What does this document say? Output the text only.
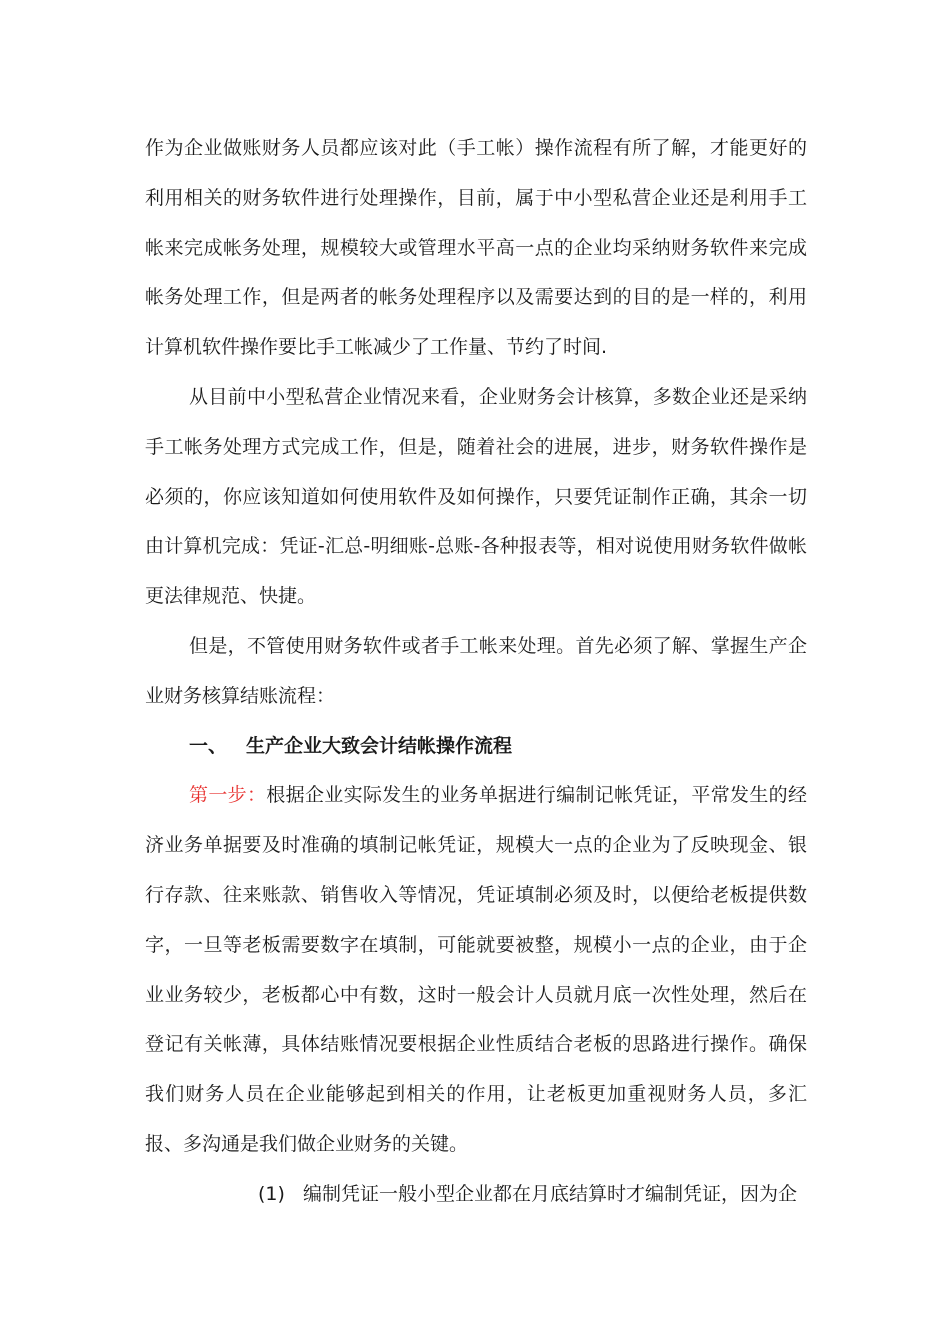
作为企业做账财务人员都应该对此（手工帐）操作流程有所了解，才能更好的利用相关的财务软件进行处理操作，目前，属于中小型私营企业还是利用手工帐来完成帐务处理，规模较大或管理水平高一点的企业均采纳财务软件来完成帐务处理工作，但是两者的帐务处理程序以及需要达到的目的是一样的，利用计算机软件操作要比手工帐减少了工作量、节约了时间.

从目前中小型私营企业情况来看，企业财务会计核算，多数企业还是采纳手工帐务处理方式完成工作，但是，随着社会的进展，进步，财务软件操作是必须的，你应该知道如何使用软件及如何操作，只要凭证制作正确，其余一切由计算机完成：凭证-汇总-明细账-总账-各种报表等，相对说使用财务软件做帐更法律规范、快捷。

但是，不管使用财务软件或者手工帐来处理。首先必须了解、掌握生产企业财务核算结账流程：

一、 生产企业大致会计结帐操作流程

第一步：根据企业实际发生的业务单据进行编制记帐凭证，平常发生的经济业务单据要及时准确的填制记帐凭证，规模大一点的企业为了反映现金、银行存款、往来账款、销售收入等情况，凭证填制必须及时，以便给老板提供数字，一旦等老板需要数字在填制，可能就要被整，规模小一点的企业，由于企业业务较少，老板都心中有数，这时一般会计人员就月底一次性处理，然后在登记有关帐薄，具体结账情况要根据企业性质结合老板的思路进行操作。确保我们财务人员在企业能够起到相关的作用，让老板更加重视财务人员，多汇报、多沟通是我们做企业财务的关键。

(1) 编制凭证一般小型企业都在月底结算时才编制凭证，因为企
